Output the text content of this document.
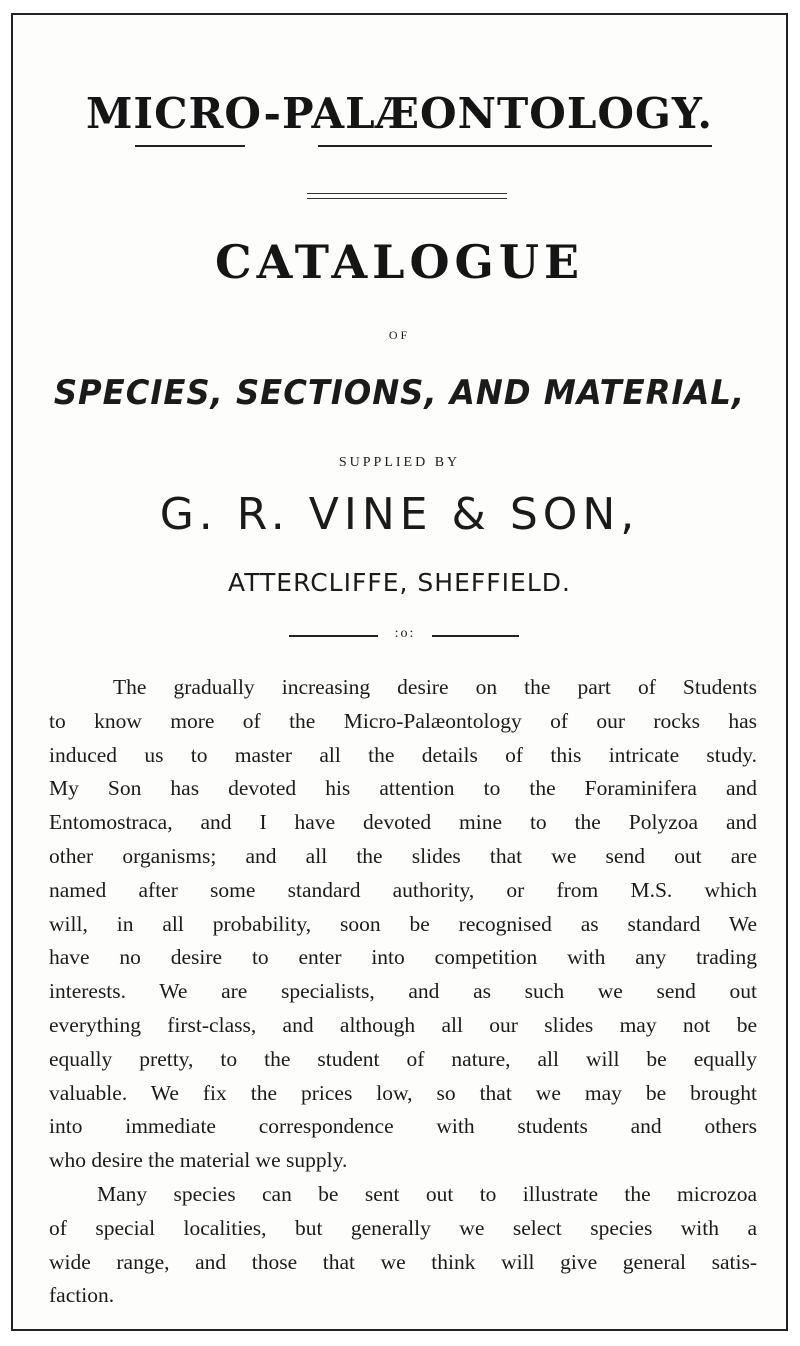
MICRO-PALÆONTOLOGY.
CATALOGUE
OF
SPECIES, SECTIONS, AND MATERIAL,
SUPPLIED BY
G. R. VINE & SON,
ATTERCLIFFE, SHEFFIELD.
:o:
The gradually increasing desire on the part of Students
to know more of the Micro-Palæontology of our rocks has
induced us to master all the details of this intricate study.
My Son has devoted his attention to the Foraminifera and
Entomostraca, and I have devoted mine to the Polyzoa and
other organisms; and all the slides that we send out are
named after some standard authority, or from M.S. which
will, in all probability, soon be recognised as standard We
have no desire to enter into competition with any trading
interests. We are specialists, and as such we send out
everything first-class, and although all our slides may not be
equally pretty, to the student of nature, all will be equally
valuable. We fix the prices low, so that we may be brought
into immediate correspondence with students and others
who desire the material we supply.
Many species can be sent out to illustrate the microzoa
of special localities, but generally we select species with a
wide range, and those that we think will give general satis-
faction.
